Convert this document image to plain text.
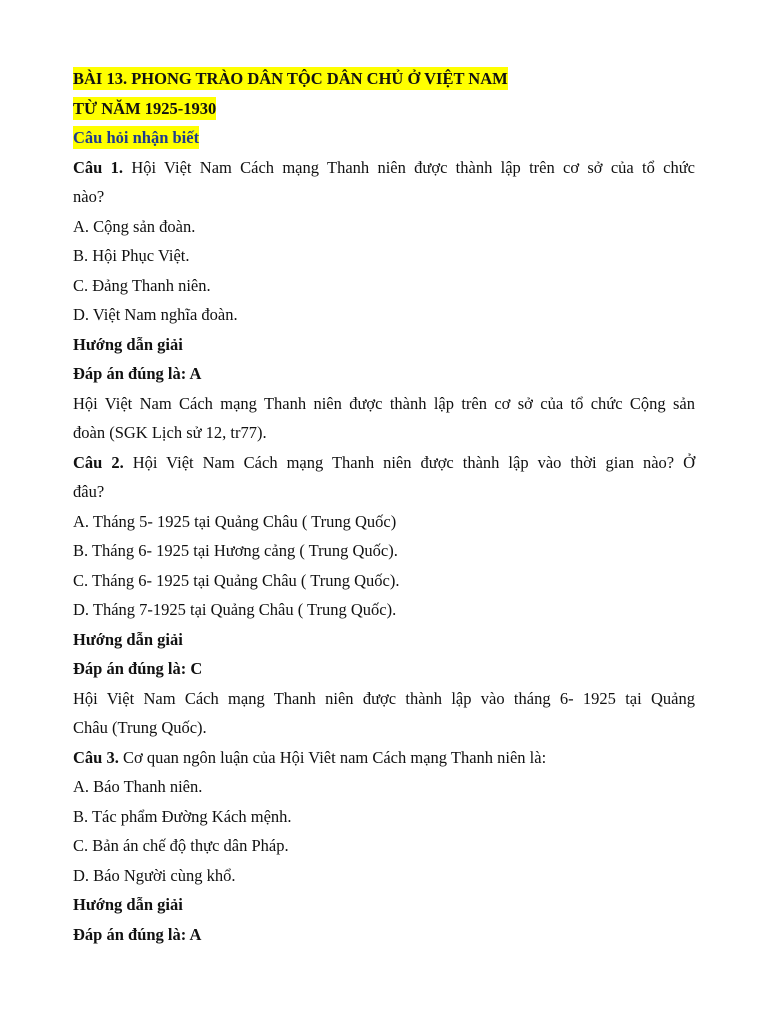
BÀI 13. PHONG TRÀO DÂN TỘC DÂN CHỦ Ở VIỆT NAM
TỪ NĂM 1925-1930
Câu hỏi nhận biết
Câu 1. Hội Việt Nam Cách mạng Thanh niên được thành lập trên cơ sở của tổ chức
nào?
A. Cộng sản đoàn.
B. Hội Phục Việt.
C. Đảng Thanh niên.
D. Việt Nam nghĩa đoàn.
Hướng dẫn giải
Đáp án đúng là: A
Hội Việt Nam Cách mạng Thanh niên được thành lập trên cơ sở của tổ chức Cộng sản
đoàn (SGK Lịch sử 12, tr77).
Câu 2. Hội Việt Nam Cách mạng Thanh niên được thành lập vào thời gian nào? Ở
đâu?
A. Tháng 5- 1925 tại Quảng Châu ( Trung Quốc)
B. Tháng 6- 1925 tại Hương cảng ( Trung Quốc).
C. Tháng 6- 1925 tại Quảng Châu ( Trung Quốc).
D. Tháng 7-1925 tại Quảng Châu ( Trung Quốc).
Hướng dẫn giải
Đáp án đúng là: C
Hội Việt Nam Cách mạng Thanh niên được thành lập vào tháng 6- 1925 tại Quảng
Châu (Trung Quốc).
Câu 3. Cơ quan ngôn luận của Hội Viêt nam Cách mạng Thanh niên là:
A. Báo Thanh niên.
B. Tác phẩm Đường Kách mệnh.
C. Bản án chế độ thực dân Pháp.
D. Báo Người cùng khổ.
Hướng dẫn giải
Đáp án đúng là: A
